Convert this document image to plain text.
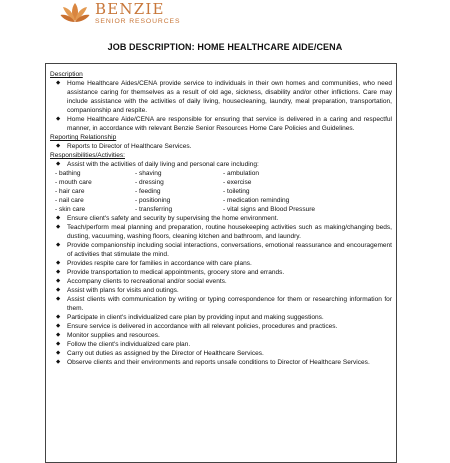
BENZIE
SENIOR RESOURCES
JOB DESCRIPTION: HOME HEALTHCARE AIDE/CENA
Description
◆	Home Healthcare Aides/CENA provide service to individuals in their own homes and communities, who need assistance caring for themselves as a result of old age, sickness, disability and/or other inflictions. Care may include assistance with the activities of daily living, housecleaning, laundry, meal preparation, transportation, companionship and respite.
◆	Home Healthcare Aide/CENA are responsible for ensuring that service is delivered in a caring and respectful manner, in accordance with relevant Benzie Senior Resources Home Care Policies and Guidelines.
Reporting Relationship
◆	Reports to Director of Healthcare Services.
Responsibilities/Activities:
◆	Assist with the activities of daily living and personal care including:
- bathing	- shaving	- ambulation
- mouth care	- dressing	- exercise
- hair care	- feeding	- toileting
- nail care	- positioning	- medication reminding
- skin care	- transferring	- vital signs and Blood Pressure
◆	Ensure client's safety and security by supervising the home environment.
◆	Teach/perform meal planning and preparation, routine housekeeping activities such as making/changing beds, dusting, vacuuming, washing floors, cleaning kitchen and bathroom, and laundry.
◆	Provide companionship including social interactions, conversations, emotional reassurance and encouragement of activities that stimulate the mind.
◆	Provides respite care for families in accordance with care plans.
◆	Provide transportation to medical appointments, grocery store and errands.
◆	Accompany clients to recreational and/or social events.
◆	Assist with plans for visits and outings.
◆	Assist clients with communication by writing or typing correspondence for them or researching information for them.
◆	Participate in client's individualized care plan by providing input and making suggestions.
◆	Ensure service is delivered in accordance with all relevant policies, procedures and practices.
◆	Monitor supplies and resources.
◆	Follow the client's individualized care plan.
◆	Carry out duties as assigned by the Director of Healthcare Services.
◆	Observe clients and their environments and reports unsafe conditions to Director of Healthcare Services.
